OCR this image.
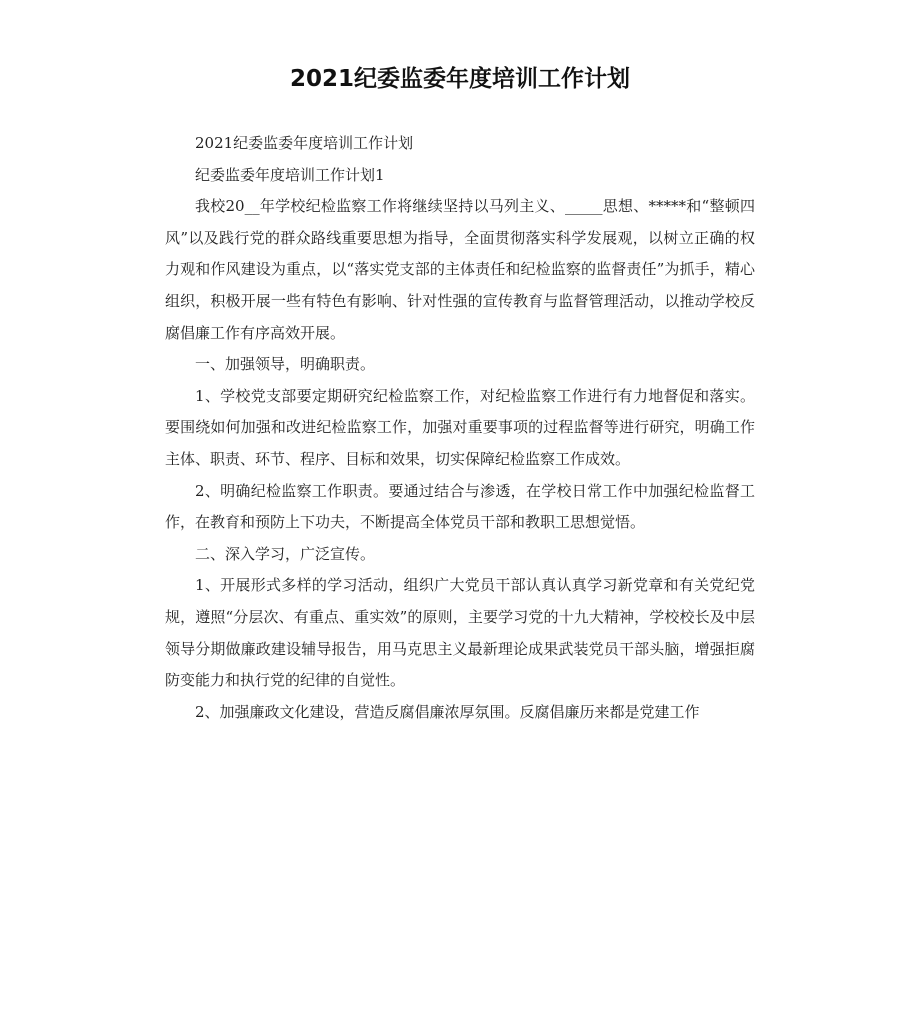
2021纪委监委年度培训工作计划

2021纪委监委年度培训工作计划

纪委监委年度培训工作计划1

我校20__年学校纪检监察工作将继续坚持以马列主义、_____思想、*****和“整顿四风”以及践行党的群众路线重要思想为指导，全面贯彻落实科学发展观，以树立正确的权力观和作风建设为重点，以“落实党支部的主体责任和纪检监察的监督责任”为抓手，精心组织，积极开展一些有特色有影响、针对性强的宣传教育与监督管理活动，以推动学校反腐倡廉工作有序高效开展。

一、加强领导，明确职责。

1、学校党支部要定期研究纪检监察工作，对纪检监察工作进行有力地督促和落实。要围绕如何加强和改进纪检监察工作，加强对重要事项的过程监督等进行研究，明确工作主体、职责、环节、程序、目标和效果，切实保障纪检监察工作成效。

2、明确纪检监察工作职责。要通过结合与渗透，在学校日常工作中加强纪检监督工作，在教育和预防上下功夫，不断提高全体党员干部和教职工思想觉悟。

二、深入学习，广泛宣传。

1、开展形式多样的学习活动，组织广大党员干部认真认真学习新党章和有关党纪党规，遵照“分层次、有重点、重实效”的原则，主要学习党的十九大精神，学校校长及中层领导分期做廉政建设辅导报告，用马克思主义最新理论成果武装党员干部头脑，增强拒腐防变能力和执行党的纪律的自觉性。

2、加强廉政文化建设，营造反腐倡廉浓厚氛围。反腐倡廉历来都是党建工作
